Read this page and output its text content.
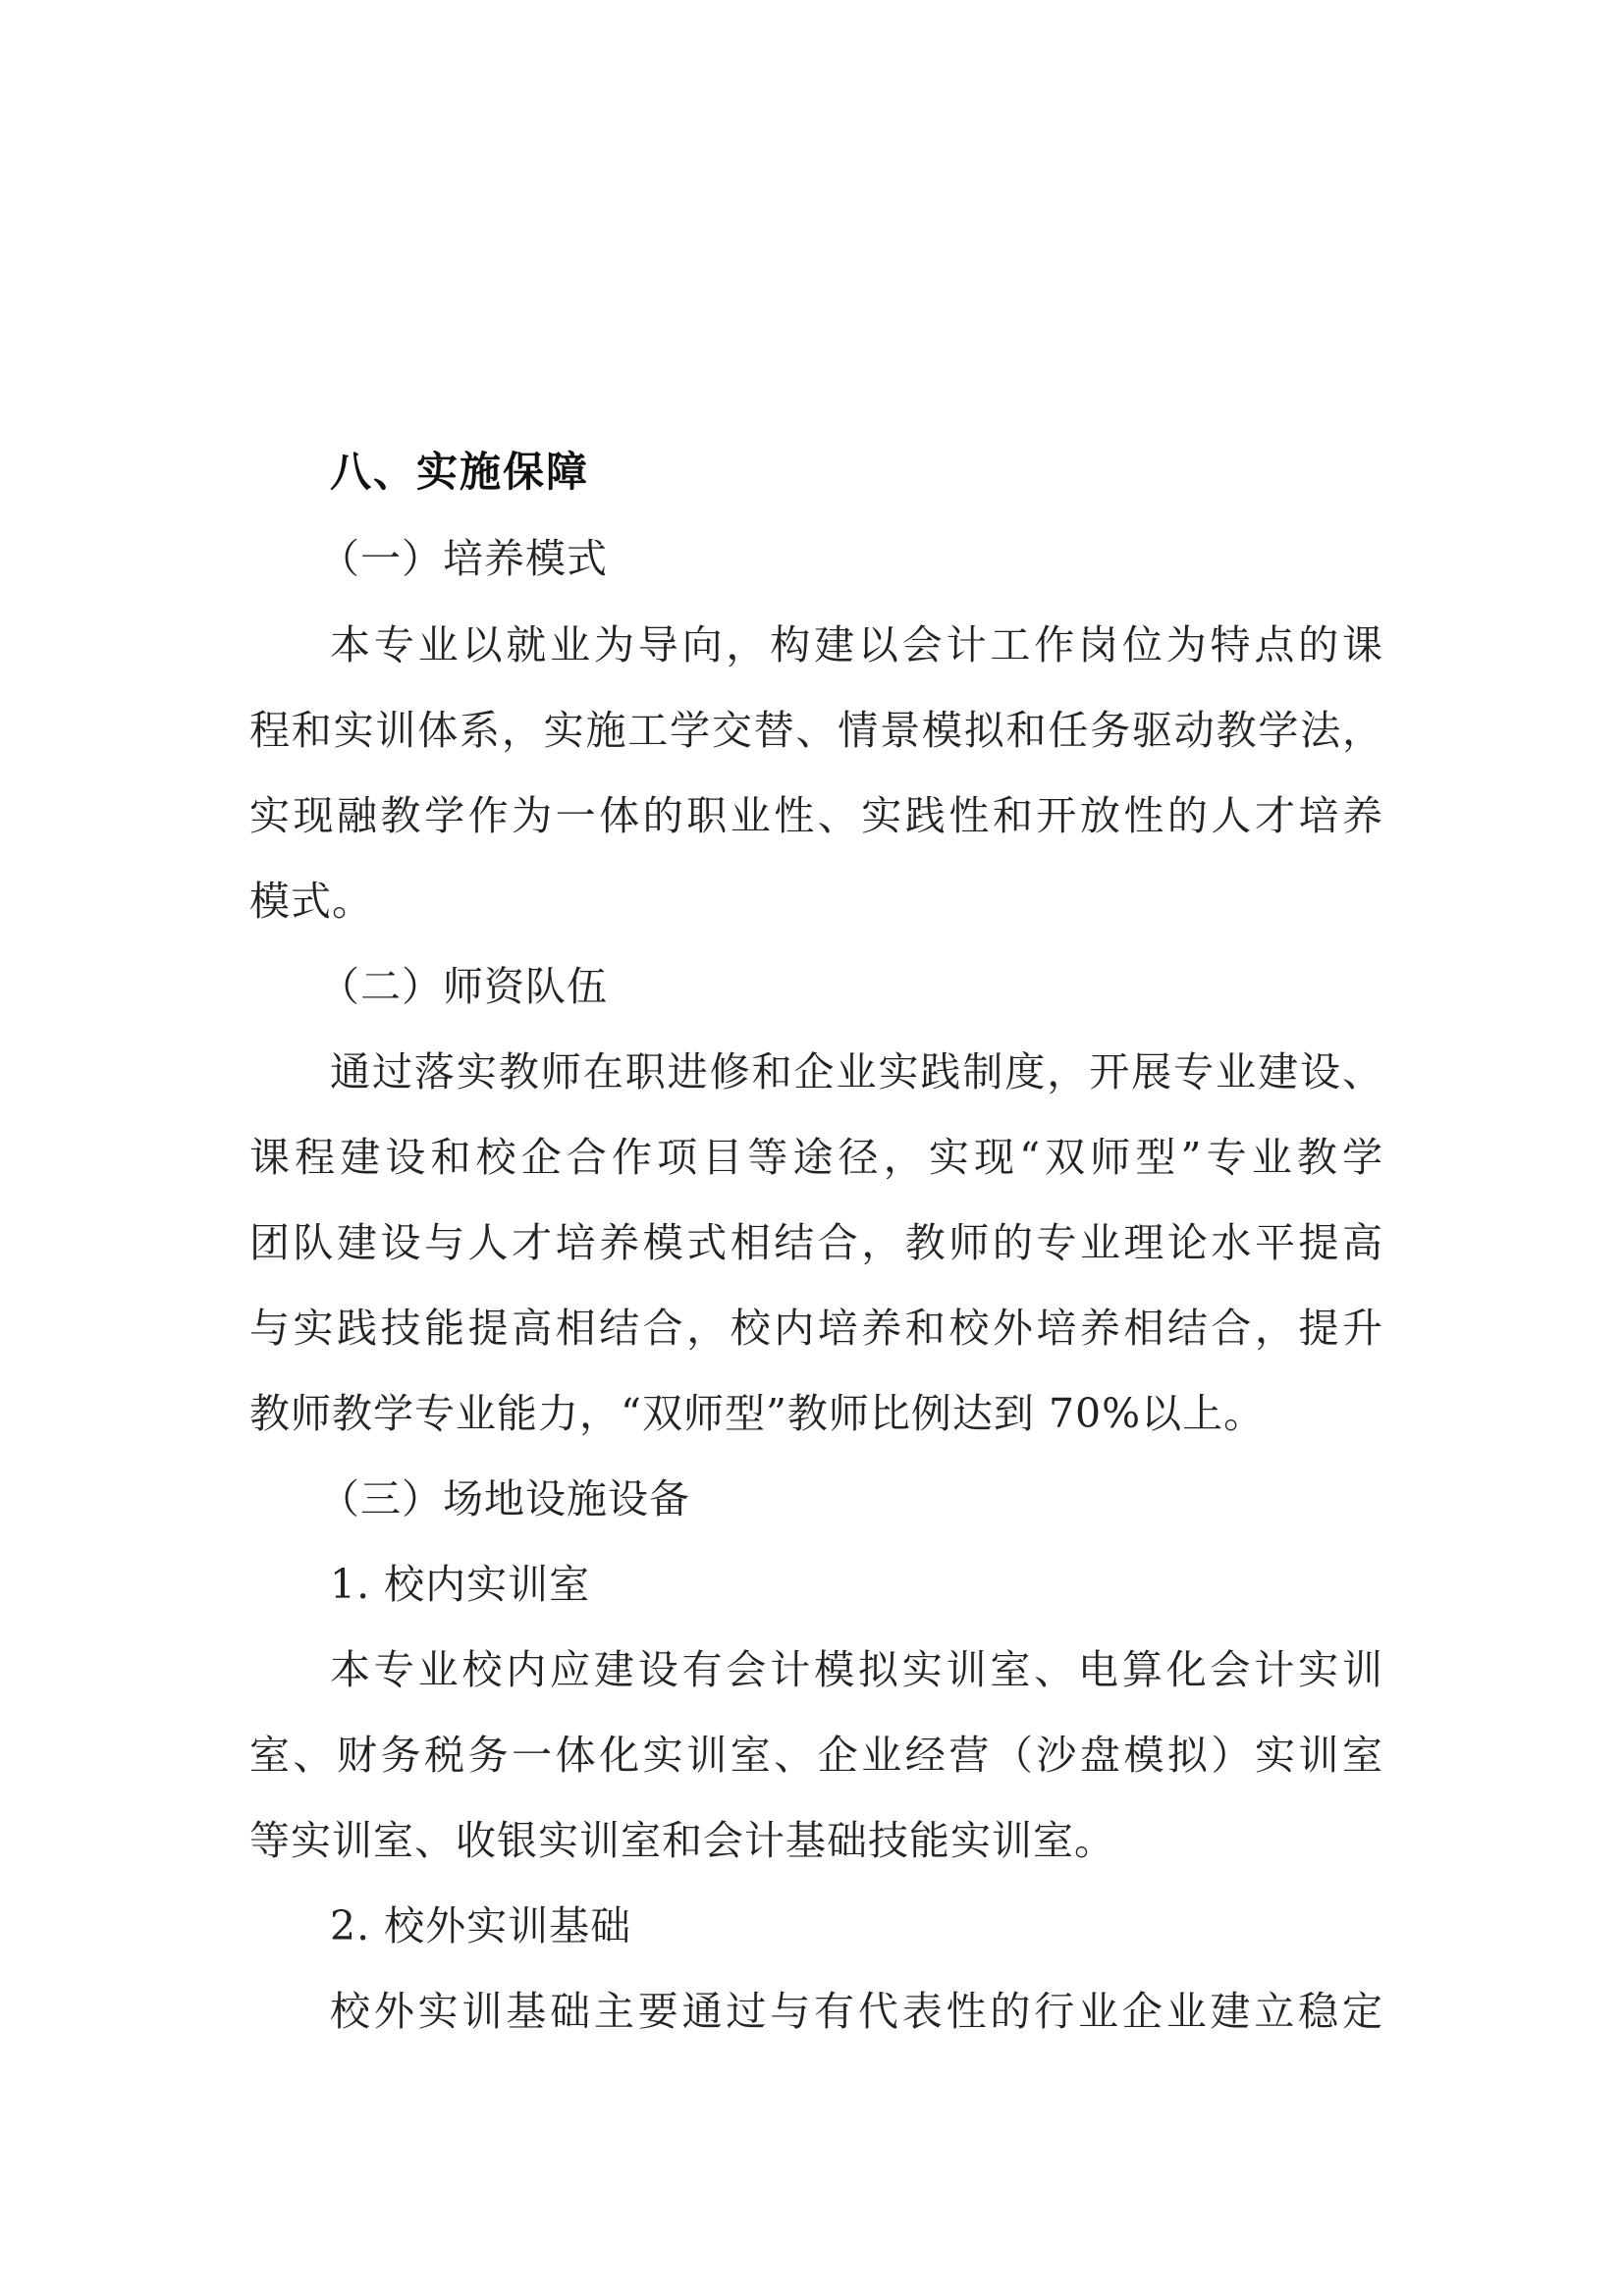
八、实施保障
（一）培养模式
本专业以就业为导向，构建以会计工作岗位为特点的课
程和实训体系，实施工学交替、情景模拟和任务驱动教学法，
实现融教学作为一体的职业性、实践性和开放性的人才培养
模式。
（二）师资队伍
通过落实教师在职进修和企业实践制度，开展专业建设、
课程建设和校企合作项目等途径，实现“双师型”专业教学
团队建设与人才培养模式相结合，教师的专业理论水平提高
与实践技能提高相结合，校内培养和校外培养相结合，提升
教师教学专业能力，“双师型”教师比例达到 70%以上。
（三）场地设施设备
1. 校内实训室
本专业校内应建设有会计模拟实训室、电算化会计实训
室、财务税务一体化实训室、企业经营（沙盘模拟）实训室
等实训室、收银实训室和会计基础技能实训室。
2. 校外实训基础
校外实训基础主要通过与有代表性的行业企业建立稳定
